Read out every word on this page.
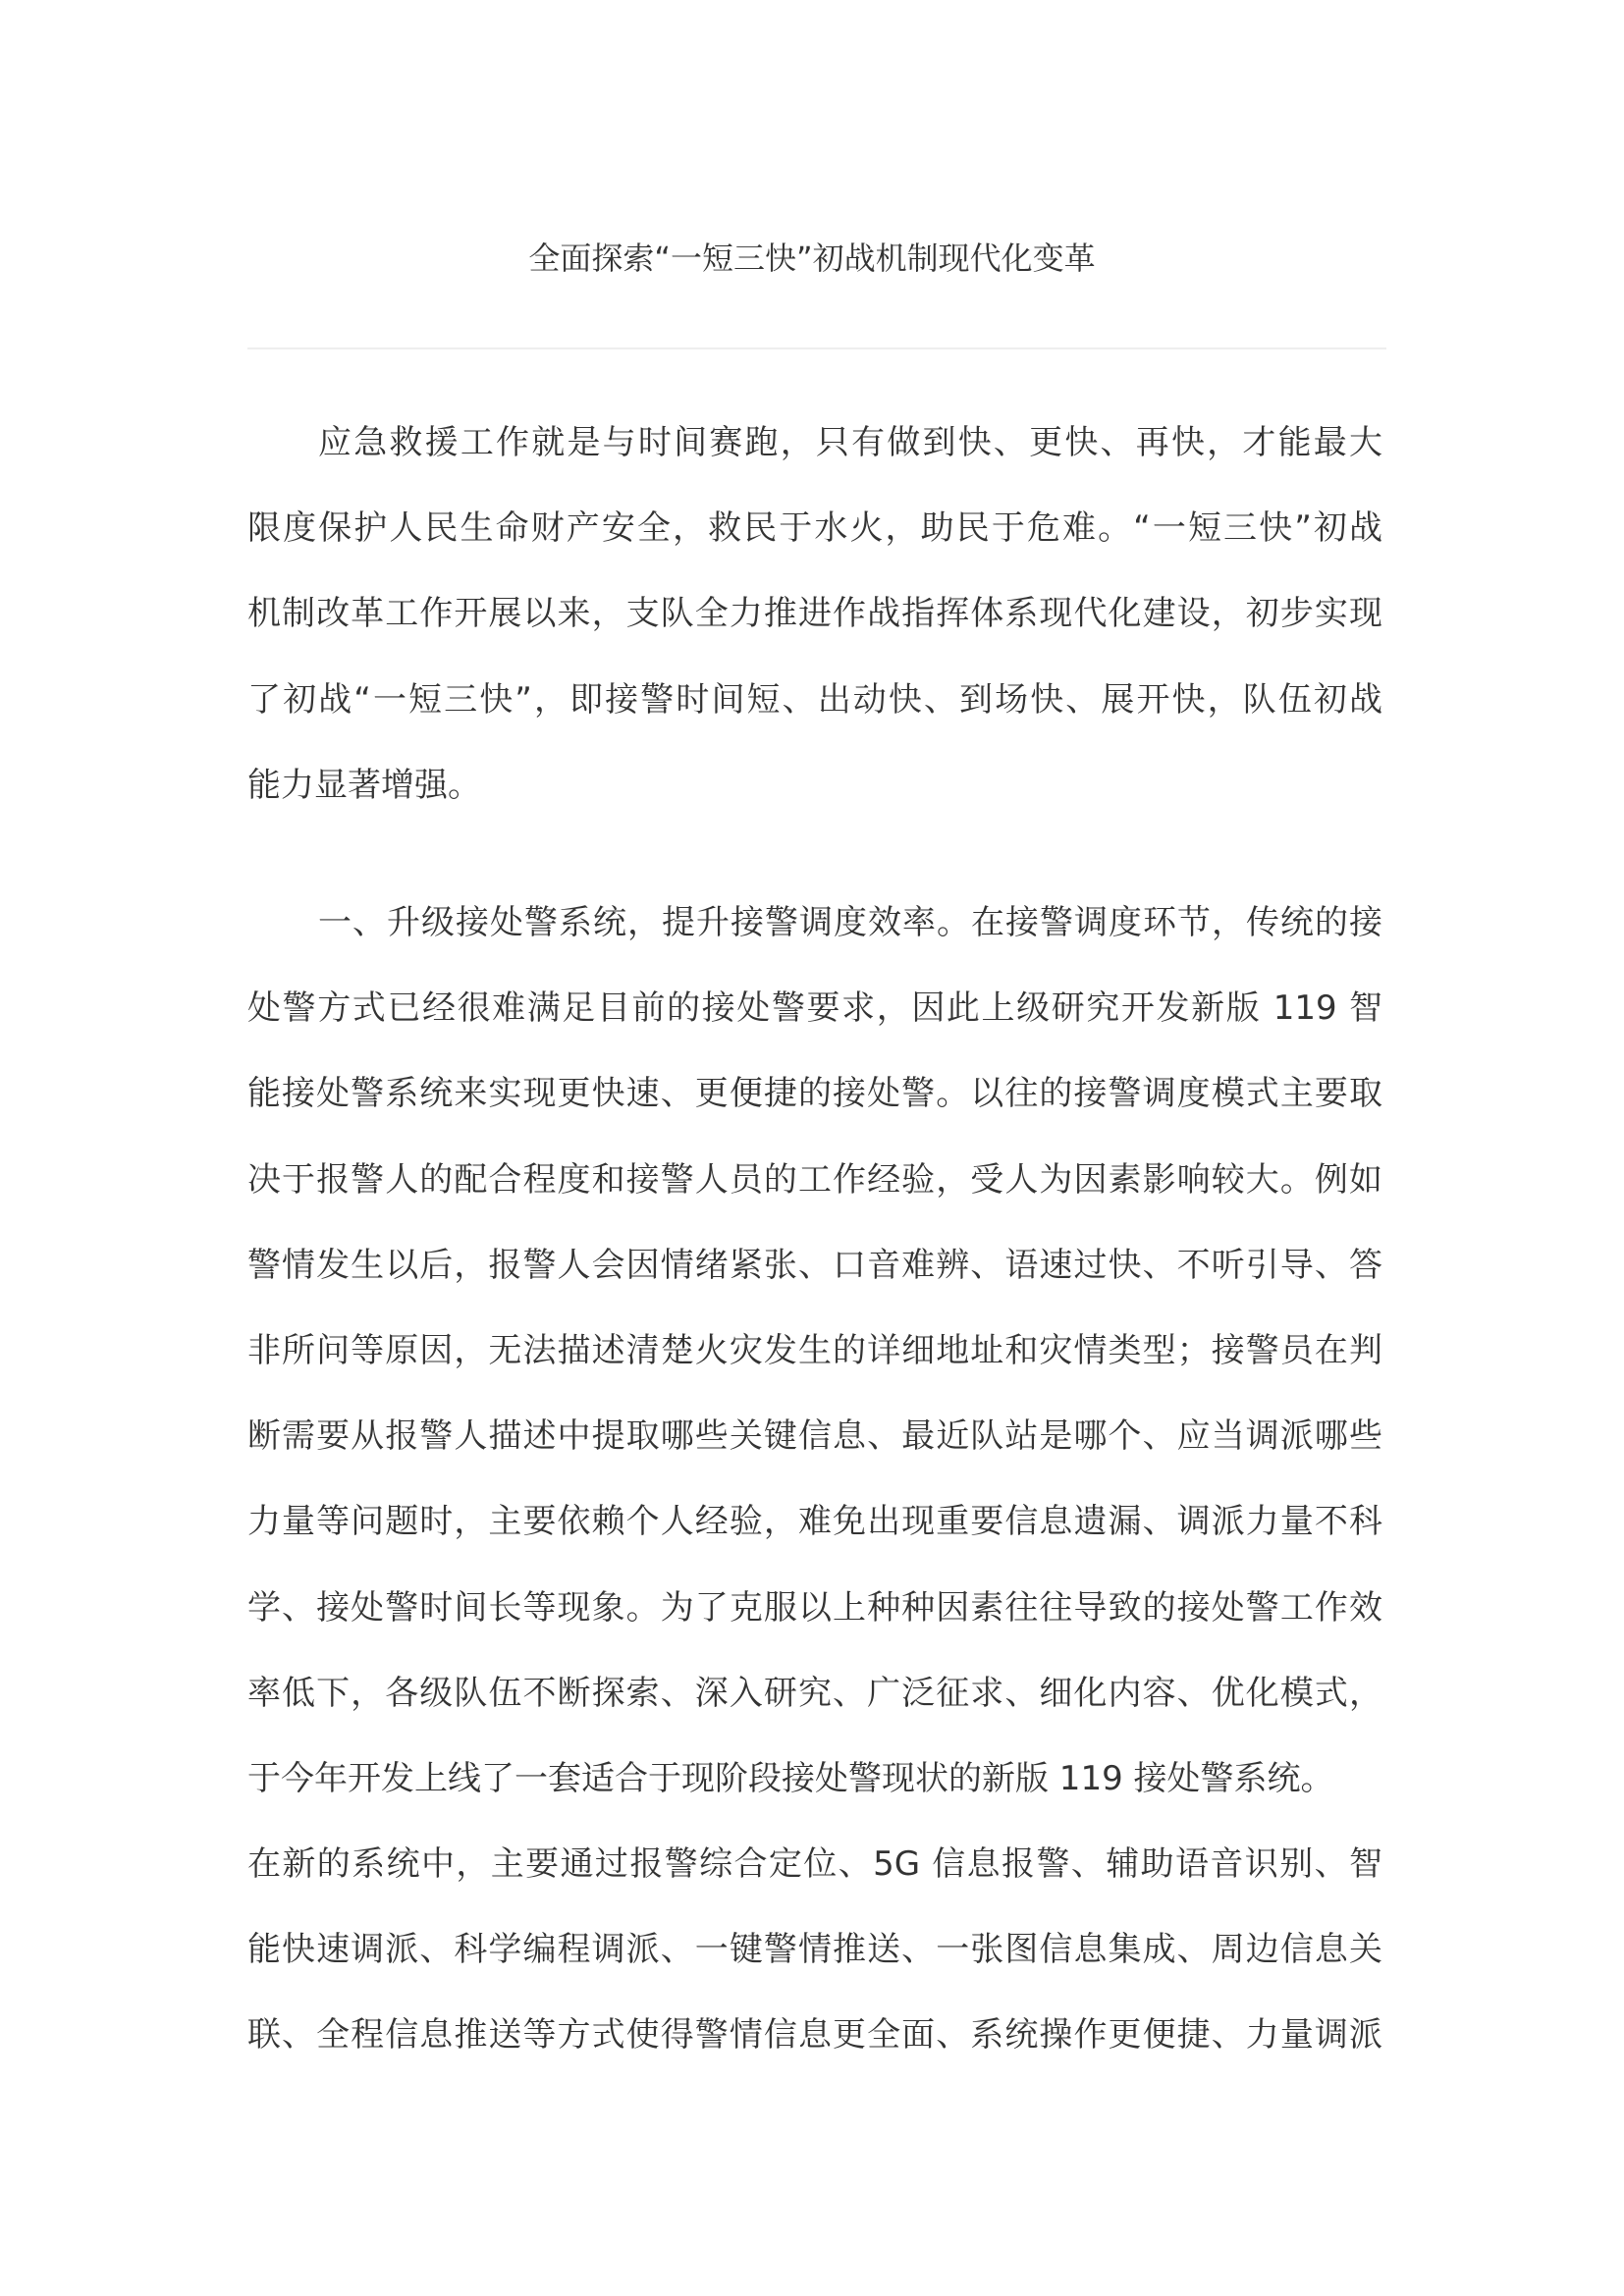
全面探索“一短三快”初战机制现代化变革
应急救援工作就是与时间赛跑，只有做到快、更快、再快，才能最大
限度保护人民生命财产安全，救民于水火，助民于危难。“一短三快”初战
机制改革工作开展以来，支队全力推进作战指挥体系现代化建设，初步实现
了初战“一短三快”，即接警时间短、出动快、到场快、展开快，队伍初战
能力显著增强。
一、升级接处警系统，提升接警调度效率。在接警调度环节，传统的接
处警方式已经很难满足目前的接处警要求，因此上级研究开发新版 119 智
能接处警系统来实现更快速、更便捷的接处警。以往的接警调度模式主要取
决于报警人的配合程度和接警人员的工作经验，受人为因素影响较大。例如
警情发生以后，报警人会因情绪紧张、口音难辨、语速过快、不听引导、答
非所问等原因，无法描述清楚火灾发生的详细地址和灾情类型；接警员在判
断需要从报警人描述中提取哪些关键信息、最近队站是哪个、应当调派哪些
力量等问题时，主要依赖个人经验，难免出现重要信息遗漏、调派力量不科
学、接处警时间长等现象。为了克服以上种种因素往往导致的接处警工作效
率低下，各级队伍不断探索、深入研究、广泛征求、细化内容、优化模式，
于今年开发上线了一套适合于现阶段接处警现状的新版 119 接处警系统。
在新的系统中，主要通过报警综合定位、5G 信息报警、辅助语音识别、智
能快速调派、科学编程调派、一键警情推送、一张图信息集成、周边信息关
联、全程信息推送等方式使得警情信息更全面、系统操作更便捷、力量调派
